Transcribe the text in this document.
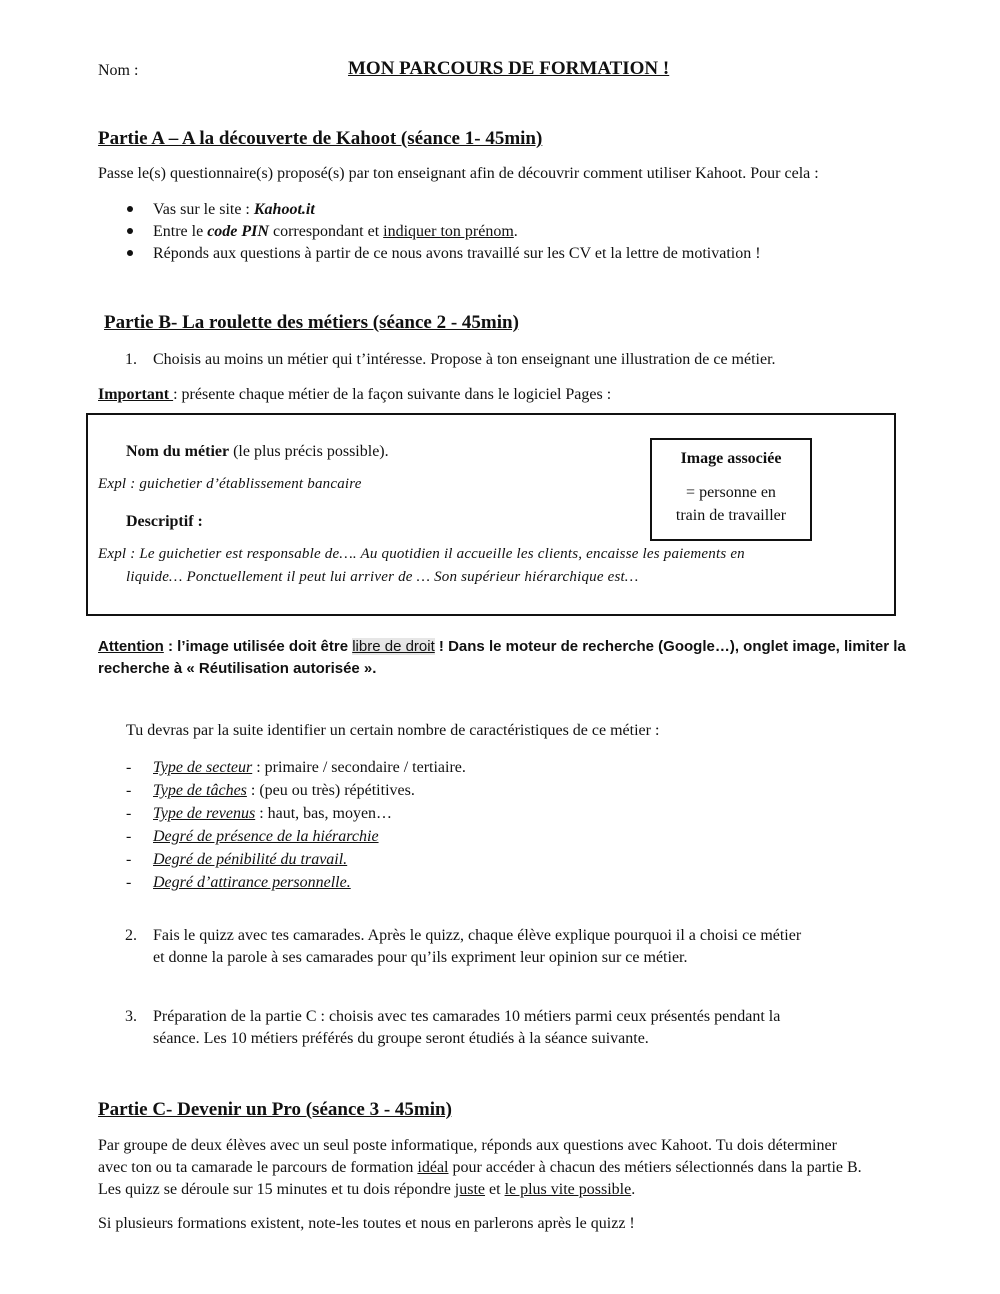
Nom :	MON PARCOURS DE FORMATION !
Partie A – A la découverte de Kahoot (séance 1- 45min)
Passe le(s) questionnaire(s) proposé(s) par ton enseignant afin de découvrir comment utiliser Kahoot. Pour cela :
Vas sur le site : Kahoot.it
Entre le code PIN correspondant et indiquer ton prénom.
Réponds aux questions à partir de ce nous avons travaillé sur les CV et la lettre de motivation !
Partie B- La roulette des métiers (séance 2 - 45min)
1. Choisis au moins un métier qui t’intéresse. Propose à ton enseignant une illustration de ce métier.
Important : présente chaque métier de la façon suivante dans le logiciel Pages :
Nom du métier (le plus précis possible).
Expl : guichetier d’établissement bancaire
Descriptif :
Expl : Le guichetier est responsable de…. Au quotidien il accueille les clients, encaisse les paiements en
liquide… Ponctuellement il peut lui arriver de … Son supérieur hiérarchique est…
Image associée
= personne en
train de travailler
Attention : l’image utilisée doit être libre de droit ! Dans le moteur de recherche (Google…), onglet image, limiter la
recherche à « Réutilisation autorisée ».
Tu devras par la suite identifier un certain nombre de caractéristiques de ce métier :
- Type de secteur : primaire / secondaire / tertiaire.
- Type de tâches : (peu ou très) répétitives.
- Type de revenus : haut, bas, moyen…
- Degré de présence de la hiérarchie
- Degré de pénibilité du travail.
- Degré d’attirance personnelle.
2. Fais le quizz avec tes camarades. Après le quizz, chaque élève explique pourquoi il a choisi ce métier
et donne la parole à ses camarades pour qu’ils expriment leur opinion sur ce métier.
3. Préparation de la partie C : choisis avec tes camarades 10 métiers parmi ceux présentés pendant la
séance. Les 10 métiers préférés du groupe seront étudiés à la séance suivante.
Partie C- Devenir un Pro (séance 3 - 45min)
Par groupe de deux élèves avec un seul poste informatique, réponds aux questions avec Kahoot. Tu dois déterminer
avec ton ou ta camarade le parcours de formation idéal pour accéder à chacun des métiers sélectionnés dans la partie B.
Les quizz se déroule sur 15 minutes et tu dois répondre juste et le plus vite possible.
Si plusieurs formations existent, note-les toutes et nous en parlerons après le quizz !
